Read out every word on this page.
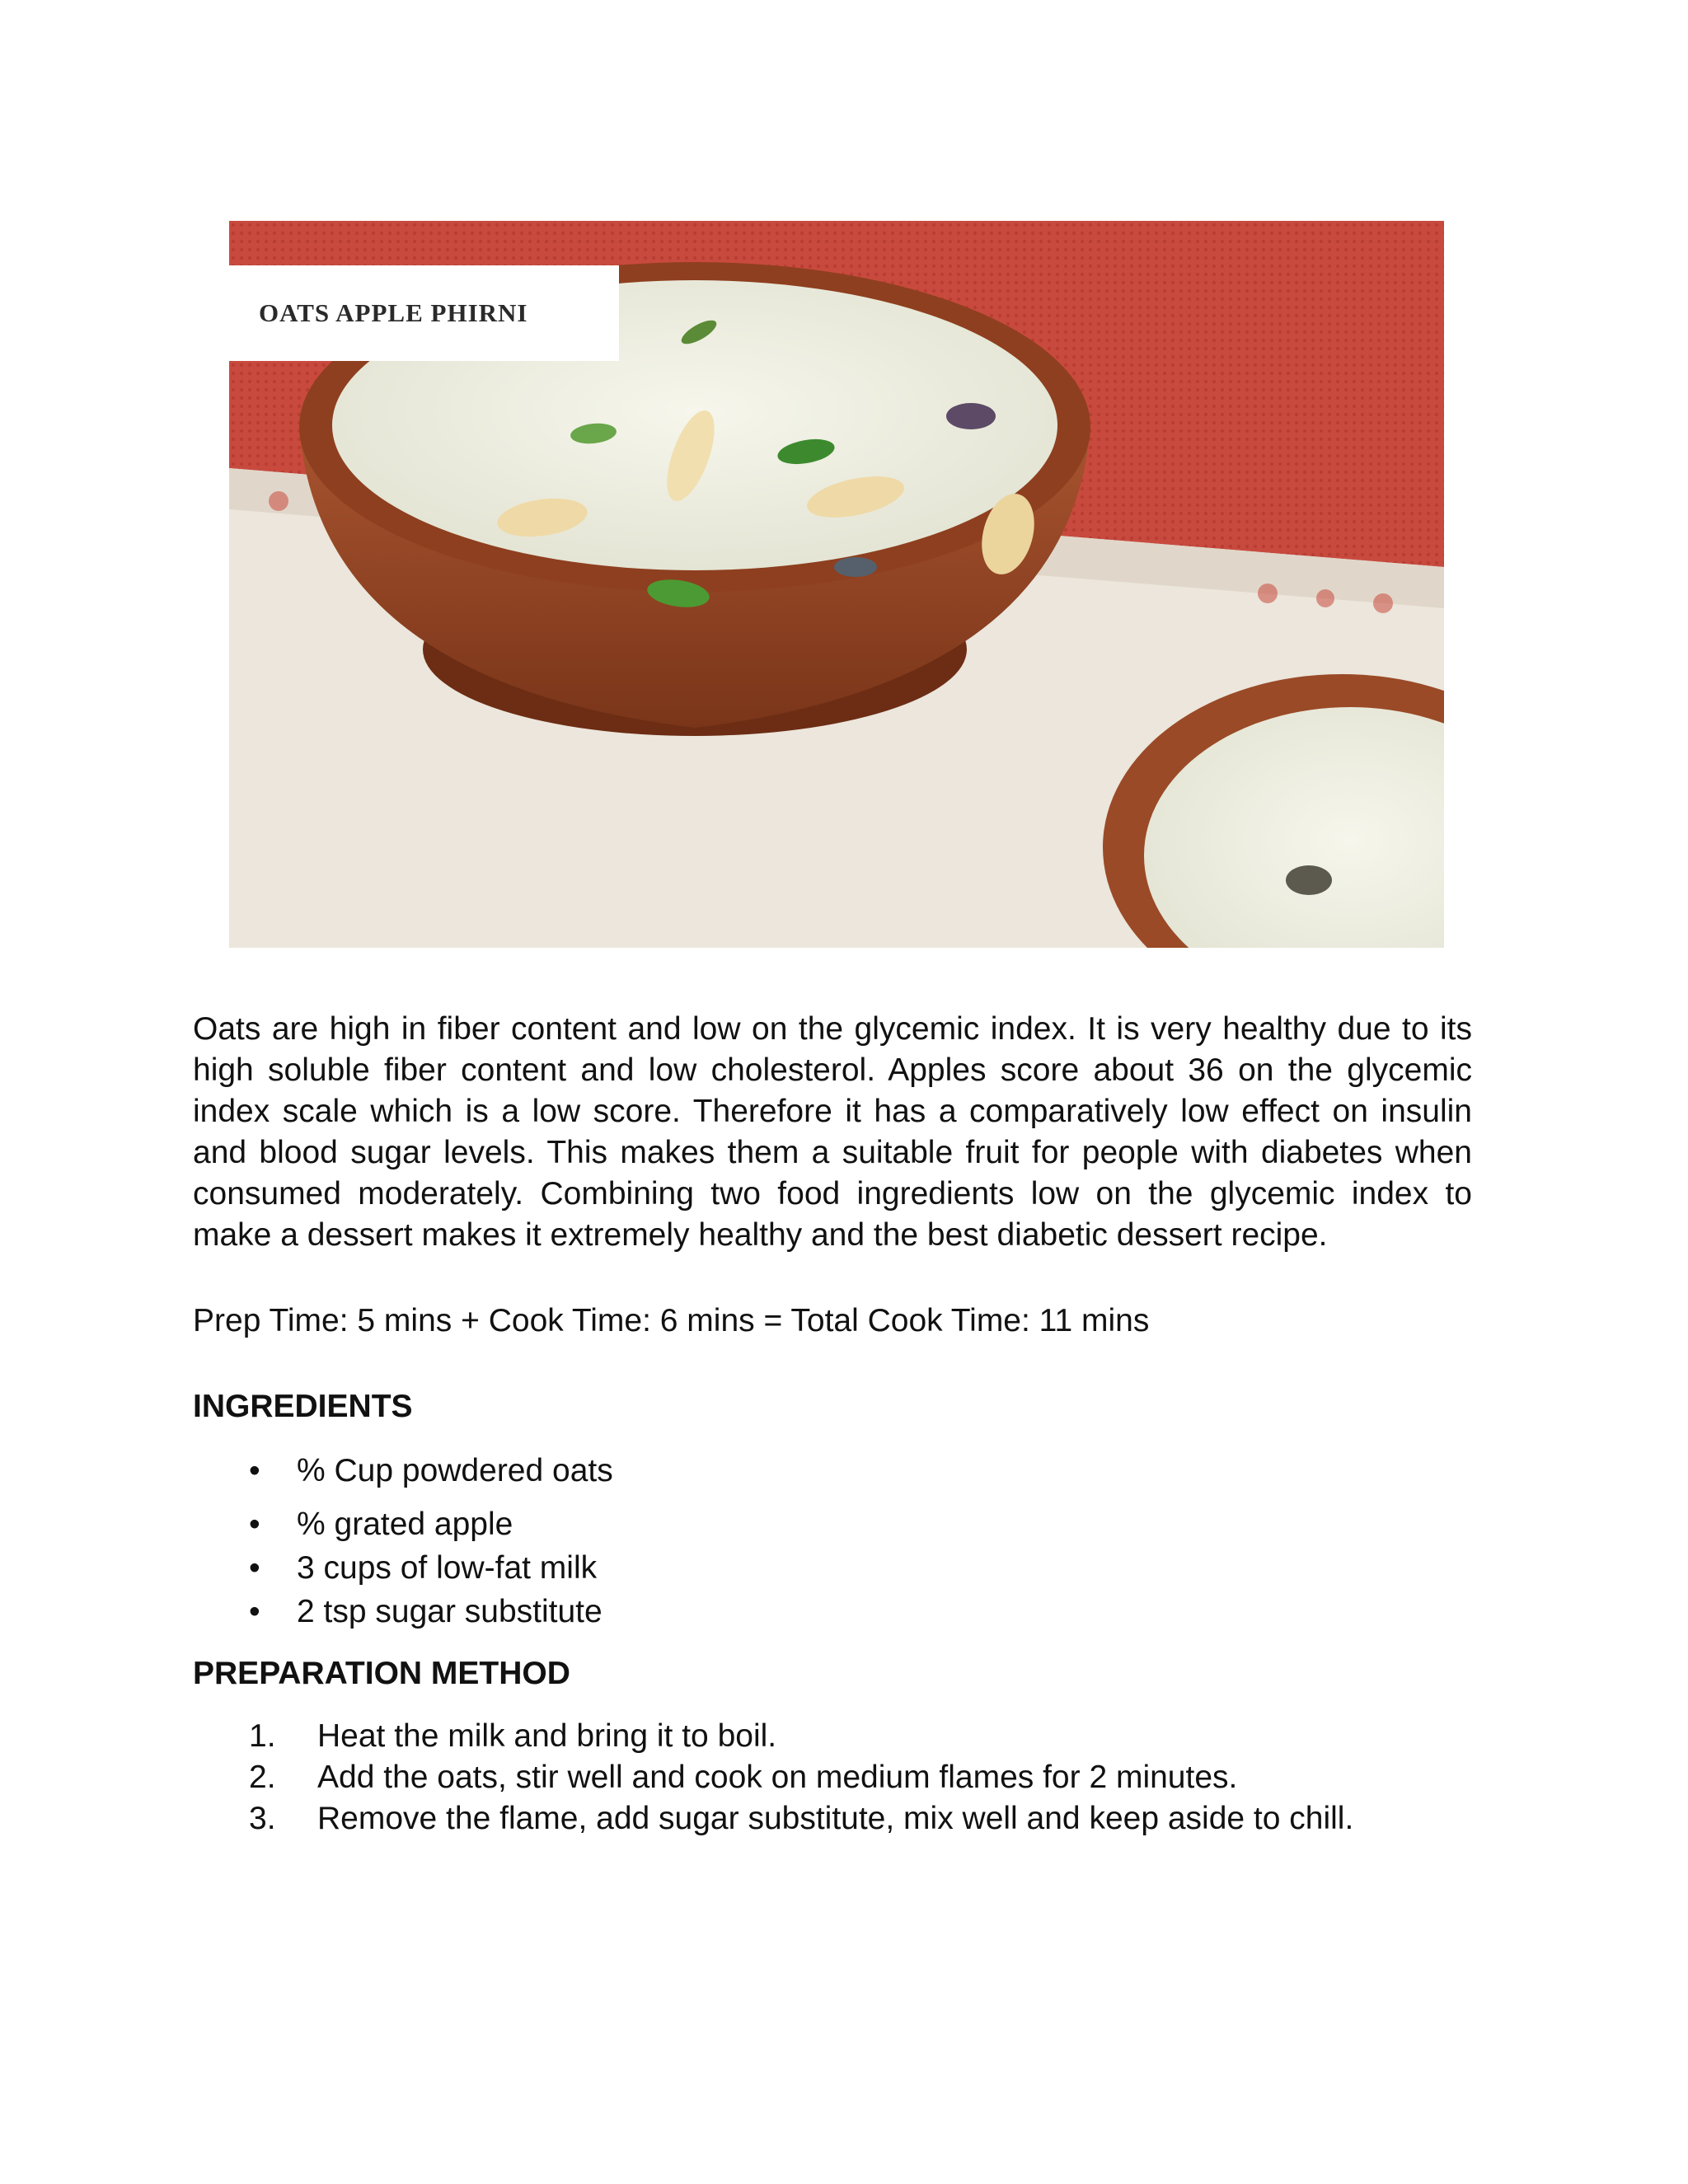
OATS APPLE PHIRNI

Oats are high in fiber content and low on the glycemic index. It is very healthy due to its high soluble fiber content and low cholesterol. Apples score about 36 on the glycemic index scale which is a low score. Therefore it has a comparatively low effect on insulin and blood sugar levels. This makes them a suitable fruit for people with diabetes when consumed moderately. Combining two food ingredients low on the glycemic index to make a dessert makes it extremely healthy and the best diabetic dessert recipe.

Prep Time: 5 mins + Cook Time: 6 mins = Total Cook Time: 11 mins

INGREDIENTS
• % Cup powdered oats
• % grated apple
• 3 cups of low-fat milk
• 2 tsp sugar substitute
PREPARATION METHOD
1. Heat the milk and bring it to boil.
2. Add the oats, stir well and cook on medium flames for 2 minutes.
3. Remove the flame, add sugar substitute, mix well and keep aside to chill.
